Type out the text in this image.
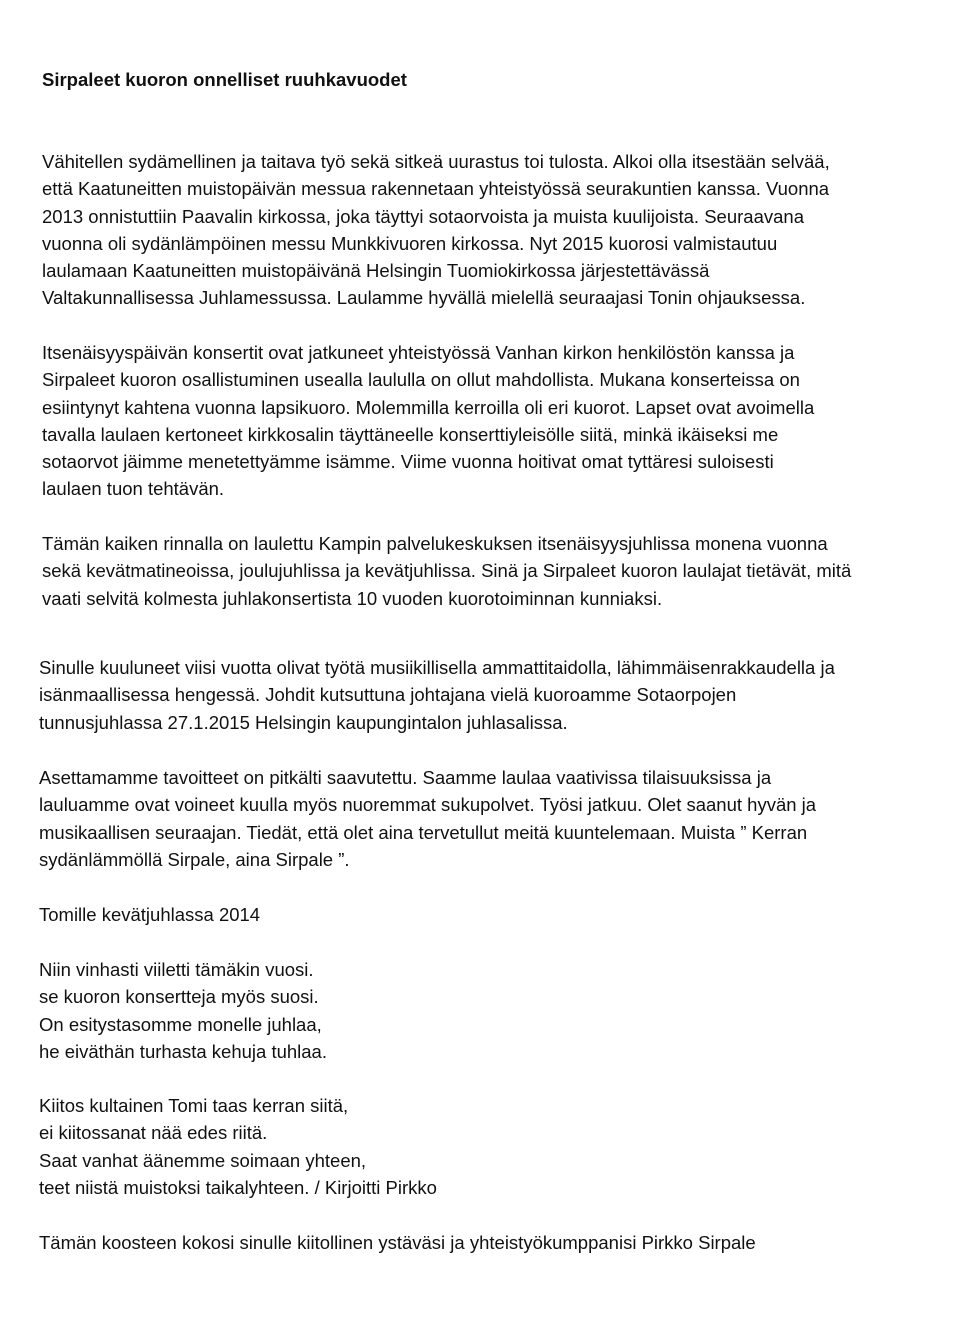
Sirpaleet kuoron onnelliset ruuhkavuodet
Vähitellen sydämellinen ja taitava työ sekä sitkeä uurastus toi tulosta. Alkoi olla itsestään selvää,
että Kaatuneitten muistopäivän messua rakennetaan yhteistyössä seurakuntien kanssa. Vuonna
2013 onnistuttiin Paavalin kirkossa, joka täyttyi sotaorvoista ja muista kuulijoista. Seuraavana
vuonna oli sydänlämpöinen messu Munkkivuoren kirkossa. Nyt 2015 kuorosi valmistautuu
laulamaan Kaatuneitten muistopäivänä Helsingin Tuomiokirkossa järjestettävässä
Valtakunnallisessa Juhlamessussa. Laulamme hyvällä mielellä seuraajasi Tonin ohjauksessa.
Itsenäisyyspäivän konsertit ovat jatkuneet yhteistyössä Vanhan kirkon henkilöstön kanssa ja
Sirpaleet kuoron osallistuminen usealla laululla on ollut mahdollista. Mukana konserteissa on
esiintynyt kahtena vuonna lapsikuoro. Molemmilla kerroilla oli eri kuorot. Lapset ovat avoimella
tavalla laulaen kertoneet kirkkosalin täyttäneelle konserttiyleisölle siitä, minkä ikäiseksi me
sotaorvot jäimme menetettyämme isämme. Viime vuonna hoitivat omat tyttäresi suloisesti
laulaen tuon tehtävän.
Tämän kaiken rinnalla on laulettu Kampin palvelukeskuksen itsenäisyysjuhlissa monena vuonna
sekä kevätmatineoissa, joulujuhlissa ja kevätjuhlissa. Sinä ja Sirpaleet kuoron laulajat tietävät, mitä
vaati selvitä kolmesta juhlakonsertista 10 vuoden kuorotoiminnan kunniaksi.
Sinulle kuuluneet viisi vuotta olivat työtä musiikillisella ammattitaidolla, lähimmäisenrakkaudella ja
isänmaallisessa hengessä. Johdit kutsuttuna johtajana vielä kuoroamme Sotaorpojen
tunnusjuhlassa 27.1.2015 Helsingin kaupungintalon juhlasalissa.
Asettamamme tavoitteet on pitkälti saavutettu. Saamme laulaa vaativissa tilaisuuksissa ja
lauluamme ovat voineet kuulla myös nuoremmat sukupolvet. Työsi jatkuu. Olet saanut hyvän ja
musikaallisen seuraajan. Tiedät, että olet aina tervetullut meitä kuuntelemaan. Muista ” Kerran
sydänlämmöllä Sirpale, aina Sirpale ”.
Tomille kevätjuhlassa 2014
Niin vinhasti viiletti tämäkin vuosi.
se kuoron konsertteja myös suosi.
On esitystasomme monelle juhlaa,
he eiväthän turhasta kehuja tuhlaa.
Kiitos kultainen Tomi taas kerran siitä,
ei kiitossanat nää edes riitä.
Saat vanhat äänemme soimaan yhteen,
teet niistä muistoksi taikalyhteen. / Kirjoitti Pirkko
Tämän koosteen kokosi sinulle kiitollinen ystäväsi ja yhteistyökumppanisi Pirkko Sirpale
